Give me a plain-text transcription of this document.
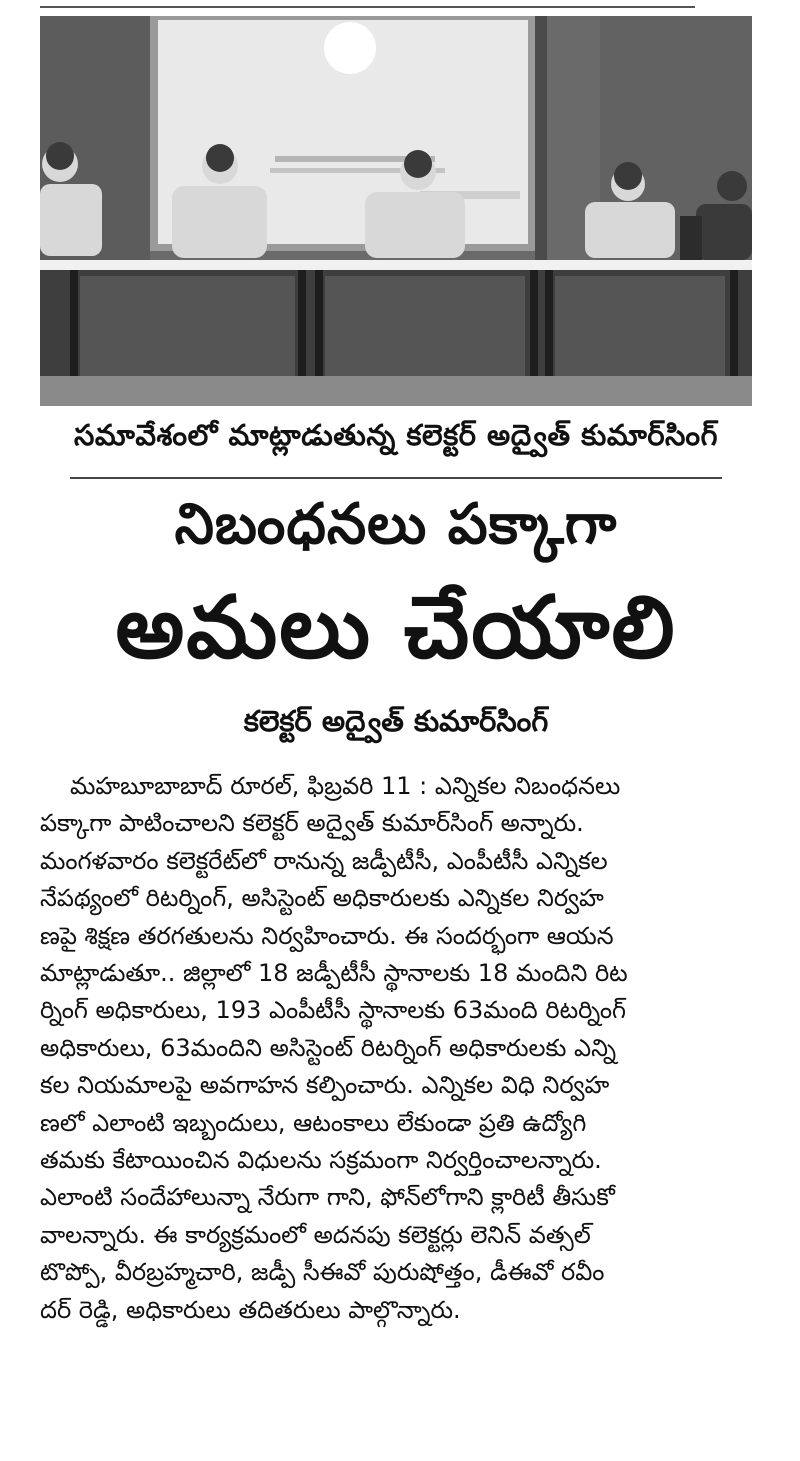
సమావేశంలో మాట్లాడుతున్న కలెక్టర్ అద్వైత్ కుమార్‌సింగ్
నిబంధనలు పక్కాగా
అమలు చేయాలి
కలెక్టర్ అద్వైత్ కుమార్‌సింగ్
మహబూబాబాద్ రూరల్, ఫిబ్రవరి 11 : ఎన్నికల నిబంధనలు
పక్కాగా పాటించాలని కలెక్టర్ అద్వైత్ కుమార్‌సింగ్ అన్నారు.
మంగళవారం కలెక్టరేట్‌లో రానున్న జడ్పీటీసీ, ఎంపీటీసీ ఎన్నికల
నేపథ్యంలో రిటర్నింగ్, అసిస్టెంట్ అధికారులకు ఎన్నికల నిర్వహ
ణపై శిక్షణ తరగతులను నిర్వహించారు. ఈ సందర్భంగా ఆయన
మాట్లాడుతూ.. జిల్లాలో 18 జడ్పీటీసీ స్థానాలకు 18 మందిని రిట
ర్నింగ్ అధికారులు, 193 ఎంపీటీసీ స్థానాలకు 63మంది రిటర్నింగ్
అధికారులు, 63మందిని అసిస్టెంట్ రిటర్నింగ్ అధికారులకు ఎన్ని
కల నియమాలపై అవగాహన కల్పించారు. ఎన్నికల విధి నిర్వహ
ణలో ఎలాంటి ఇబ్బందులు, ఆటంకాలు లేకుండా ప్రతి ఉద్యోగి
తమకు కేటాయించిన విధులను సక్రమంగా నిర్వర్తించాలన్నారు.
ఎలాంటి సందేహాలున్నా నేరుగా గాని, ఫోన్‌లోగాని క్లారిటీ తీసుకో
వాలన్నారు. ఈ కార్యక్రమంలో అదనపు కలెక్టర్లు లెనిన్ వత్సల్
టొప్పో, వీరబ్రహ్మచారి, జడ్పీ సీఈవో పురుషోత్తం, డీఈవో రవీం
దర్ రెడ్డి, అధికారులు తదితరులు పాల్గొన్నారు.
